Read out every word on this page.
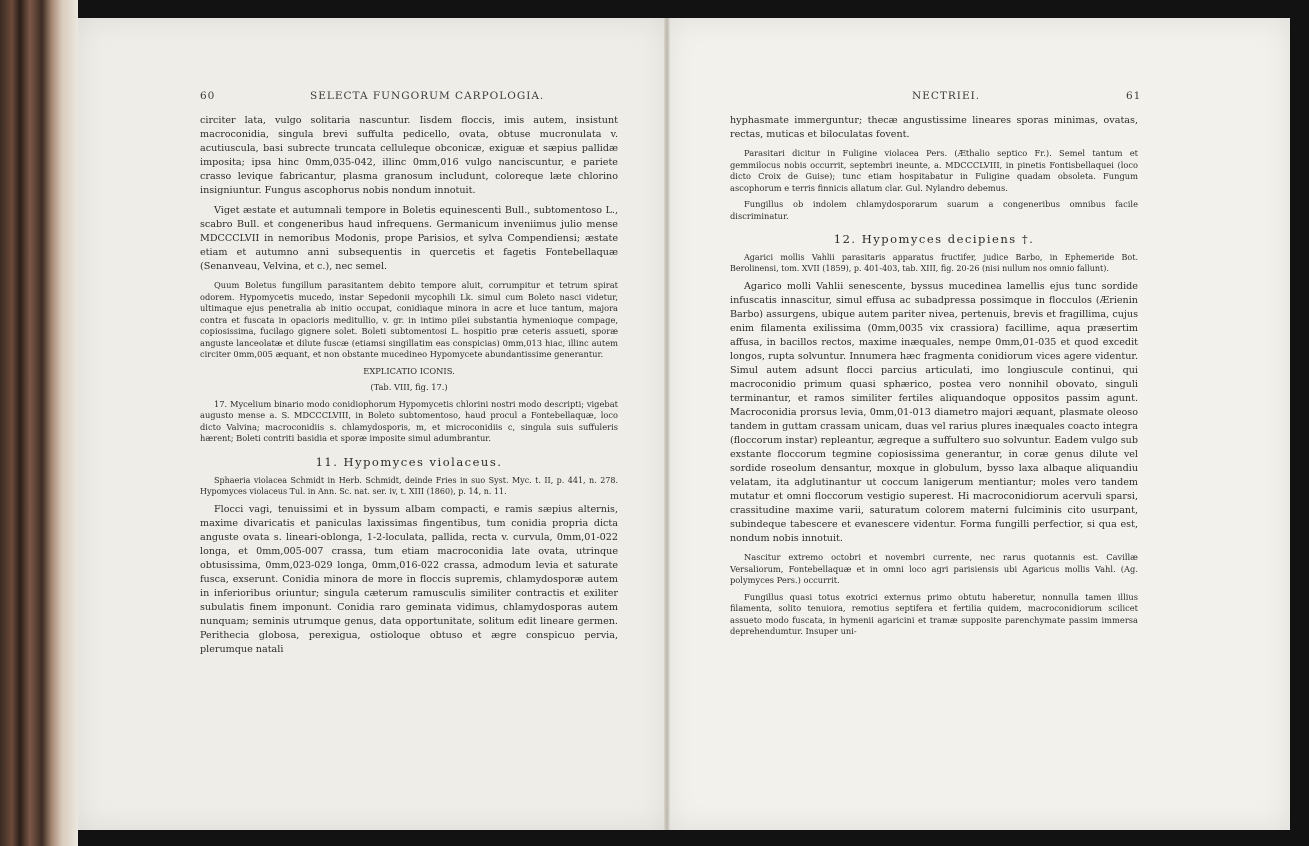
60	SELECTA FUNGORUM CARPOLOGIA.

circiter lata, vulgo solitaria nascuntur. Iisdem floccis, imis autem, insistunt macroconidia, singula brevi suffulta pedicello, ovata, obtuse mucronulata v. acutiuscula, basi subrecte truncata celluleque obconicæ, exiguæ et sæpius pallidæ imposita; ipsa hinc 0mm,035-042, illinc 0mm,016 vulgo nanciscuntur, e pariete crasso levique fabricantur, plasma granosum includunt, coloreque læte chlorino insigniuntur. Fungus ascophorus nobis nondum innotuit.

Viget æstate et autumnali tempore in Boletis equinescenti Bull., subtomentoso L., scabro Bull. et congeneribus haud infrequens. Germanicum inveniimus julio mense MDCCCLVII in nemoribus Modonis, prope Parisios, et sylva Compendiensi; æstate etiam et autumno anni subsequentis in quercetis et fagetis Fontebellaquæ (Senanveau, Velvina, et c.), nec semel.

Quum Boletus fungillum parasitantem debito tempore aluit, corrumpitur et tetrum spirat odorem. Hypomycetis mucedo, instar Sepedonii mycophili Lk. simul cum Boleto nasci videtur, ultimaque ejus penetralia ab initio occupat, conidiaque minora in acre et luce tantum, majora contra et fuscata in opacioris meditullio, v. gr. in intimo pilei substantia hymenioque compage, copiosissima, fucilago gignere solet. Boleti subtomentosi L. hospitio præ ceteris assueti, sporæ anguste lanceolatæ et dilute fuscæ (etiamsi singillatim eas conspicias) 0mm,013 hiac, illinc autem circiter 0mm,005 æquant, et non obstante mucedineo Hypomycete abundantissime generantur.

EXPLICATIO ICONIS.

(Tab. VIII, fig. 17.)

17. Mycelium binario modo conidiophorum Hypomycetis chlorini nostri modo descripti; vigebat augusto mense a. S. MDCCCLVIII, in Boleto subtomentoso, haud procul a Fontebellaquæ, loco dicto Valvina; macroconidiis s. chlamydosporis, m, et microconidiis c, singula suis suffuleris hærent; Boleti contriti basidia et sporæ imposite simul adumbrantur.

11. Hypomyces violaceus.

Sphaeria violacea Schmidt in Herb. Schmidt, deinde Fries in suo Syst. Myc. t. II, p. 441, n. 278. Hypomyces violaceus Tul. in Ann. Sc. nat. ser. iv, t. XIII (1860), p. 14, n. 11.

Flocci vagi, tenuissimi et in byssum albam compacti, e ramis sæpius alternis, maxime divaricatis et paniculas laxissimas fingentibus, tum conidia propria dicta anguste ovata s. lineari-oblonga, 1-2-loculata, pallida, recta v. curvula, 0mm,01-022 longa, et 0mm,005-007 crassa, tum etiam macroconidia late ovata, utrinque obtusissima, 0mm,023-029 longa, 0mm,016-022 crassa, admodum levia et saturate fusca, exserunt. Conidia minora de more in floccis supremis, chlamydosporæ autem in inferioribus oriuntur; singula cæterum ramusculis similiter contractis et exiliter subulatis finem imponunt. Conidia raro geminata vidimus, chlamydosporas autem nunquam; seminis utrumque genus, data opportunitate, solitum edit lineare germen. Perithecia globosa, perexigua, ostioloque obtuso et ægre conspicuo pervia, plerumque natali

NECTRIEI.	61

hyphasmate immerguntur; thecæ angustissime lineares sporas minimas, ovatas, rectas, muticas et biloculatas fovent.

Parasitari dicitur in Fuligine violacea Pers. (Æthalio septico Fr.). Semel tantum et gemmilocus nobis occurrit, septembri ineunte, a. MDCCCLVIII, in pinetis Fontisbellaquei (loco dicto Croix de Guise); tunc etiam hospitabatur in Fuligine quadam obsoleta. Fungum ascophorum e terris finnicis allatum clar. Gul. Nylandro debemus.

Fungillus ob indolem chlamydosporarum suarum a congeneribus omnibus facile discriminatur.

12. Hypomyces decipiens †.

Agarici mollis Vahlii parasitaris apparatus fructifer, judice Barbo, in Ephemeride Bot. Berolinensi, tom. XVII (1859), p. 401-403, tab. XIII, fig. 20-26 (nisi nullum nos omnio fallunt).

Agarico molli Vahlii senescente, byssus mucedinea lamellis ejus tunc sordide infuscatis innascitur, simul effusa ac subadpressa possimque in flocculos (Ærienin Barbo) assurgens, ubique autem pariter nivea, pertenuis, brevis et fragillima, cujus enim filamenta exilissima (0mm,0035 vix crassiora) facillime, aqua præsertim affusa, in bacillos rectos, maxime inæquales, nempe 0mm,01-035 et quod excedit longos, rupta solvuntur. Innumera hæc fragmenta conidiorum vices agere videntur. Simul autem adsunt flocci parcius articulati, imo longiuscule continui, qui macroconidio primum quasi sphærico, postea vero nonnihil obovato, singuli terminantur, et ramos similiter fertiles aliquandoque oppositos passim agunt. Macroconidia prorsus levia, 0mm,01-013 diametro majori æquant, plasmate oleoso tandem in guttam crassam unicam, duas vel rarius plures inæquales coacto integra (floccorum instar) repleantur, ægreque a suffultero suo solvuntur. Eadem vulgo sub exstante floccorum tegmine copiosissima generantur, in coræ genus dilute vel sordide roseolum densantur, moxque in globulum, bysso laxa albaque aliquandiu velatam, ita adglutinantur ut coccum lanigerum mentiantur; moles vero tandem mutatur et omni floccorum vestigio superest. Hi macroconidiorum acervuli sparsi, crassitudine maxime varii, saturatum colorem materni fulciminis cito usurpant, subindeque tabescere et evanescere videntur. Forma fungilli perfectior, si qua est, nondum nobis innotuit.

Nascitur extremo octobri et novembri currente, nec rarus quotannis est. Cavillæ Versaliorum, Fontebellaquæ et in omni loco agri parisiensis ubi Agaricus mollis Vahl. (Ag. polymyces Pers.) occurrit.

Fungillus quasi totus exotrici externus primo obtutu haberetur, nonnulla tamen illius filamenta, solito tenuiora, remotius septifera et fertilia quidem, macroconidiorum scilicet assueto modo fuscata, in hymenii agaricini et tramæ supposite parenchymate passim immersa deprehendumtur. Insuper uni-
